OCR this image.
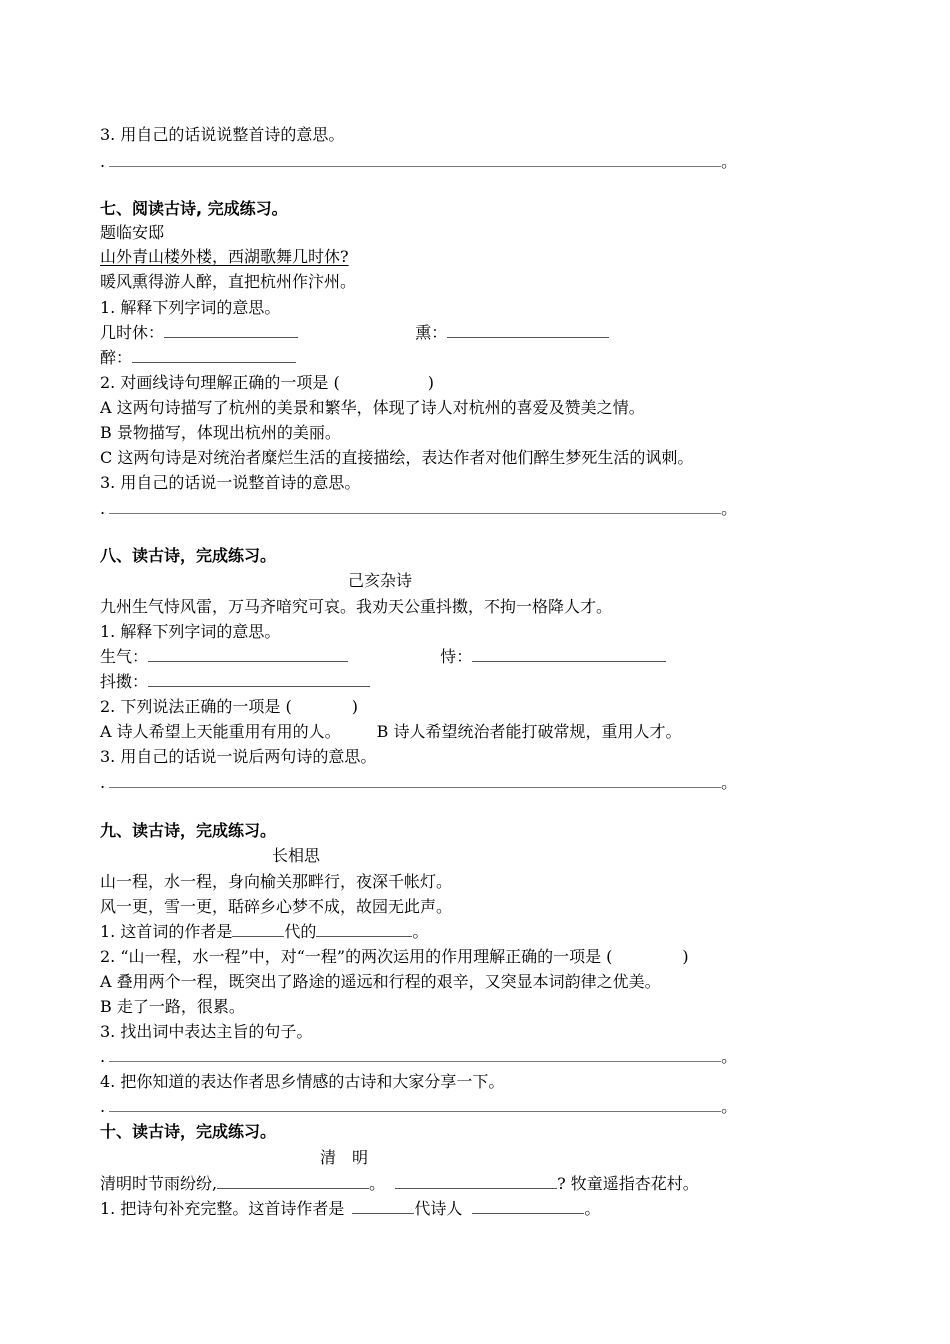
3. 用自己的话说说整首诗的意思。
.	。
七、阅读古诗, 完成练习。
题临安邸
山外青山楼外楼，西湖歌舞几时休?
暖风熏得游人醉，直把杭州作汴州。
1. 解释下列字词的意思。
几时休：	熏：
醉：
2. 对画线诗句理解正确的一项是 (	)
A 这两句诗描写了杭州的美景和繁华，体现了诗人对杭州的喜爱及赞美之情。
B 景物描写，体现出杭州的美丽。
C 这两句诗是对统治者糜烂生活的直接描绘，表达作者对他们醉生梦死生活的讽刺。
3. 用自己的话说一说整首诗的意思。
.	。
八、读古诗，完成练习。
己亥杂诗
九州生气恃风雷，万马齐喑究可哀。我劝天公重抖擞，不拘一格降人才。
1. 解释下列字词的意思。
生气：	恃：
抖擞：
2. 下列说法正确的一项是 (	)
A 诗人希望上天能重用有用的人。 B 诗人希望统治者能打破常规，重用人才。
3. 用自己的话说一说后两句诗的意思。
.	。
九、读古诗，完成练习。
长相思
山一程，水一程，身向榆关那畔行，夜深千帐灯。
风一更，雪一更，聒碎乡心梦不成，故园无此声。
1. 这首词的作者是	代的	。
2. “山一程，水一程”中，对“一程”的两次运用的作用理解正确的一项是 (	)
A 叠用两个一程，既突出了路途的遥远和行程的艰辛，又突显本词韵律之优美。
B 走了一路，很累。
3. 找出词中表达主旨的句子。
.	。
4. 把你知道的表达作者思乡情感的古诗和大家分享一下。
.	。
十、读古诗，完成练习。
清　明
清明时节雨纷纷,	。	? 牧童遥指杏花村。
1. 把诗句补充完整。这首诗作者是	代诗人	。
